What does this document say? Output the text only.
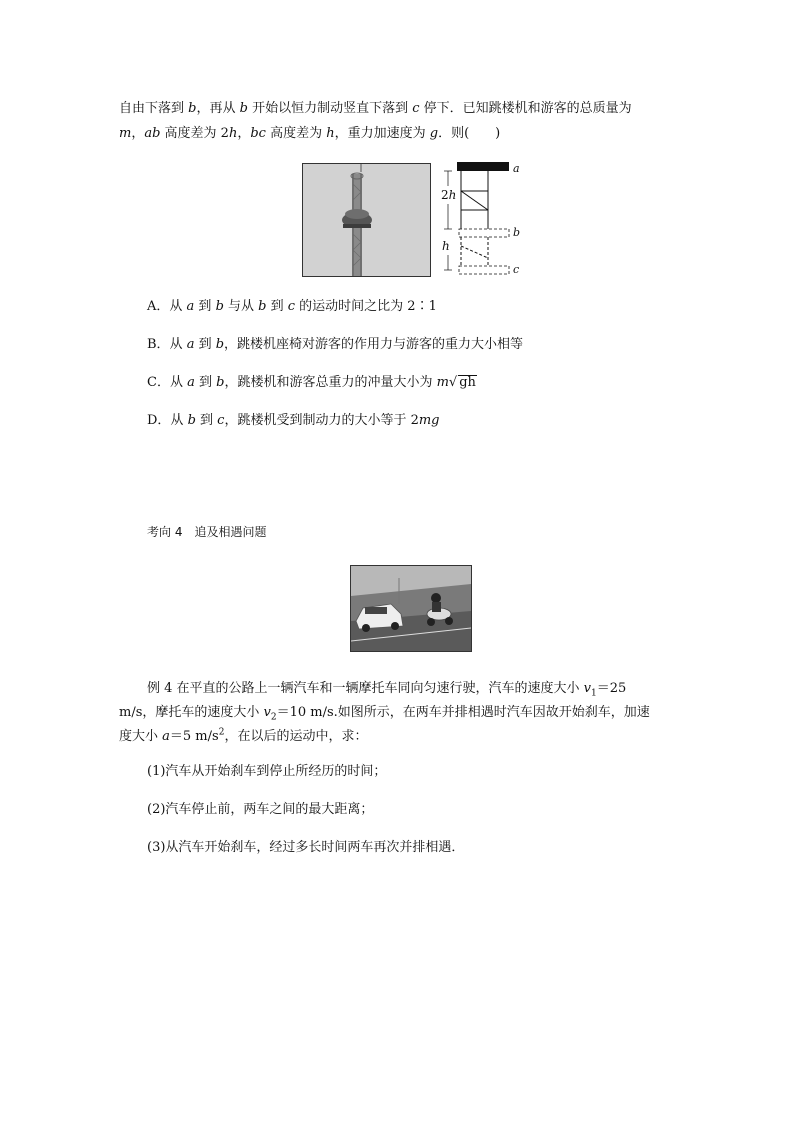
自由下落到 b，再从 b 开始以恒力制动竖直下落到 c 停下．已知跳楼机和游客的总质量为
m，ab 高度差为 2h，bc 高度差为 h，重力加速度为 g．则(　　)
2h
h
a
b
c
A．从 a 到 b 与从 b 到 c 的运动时间之比为 2∶1
B．从 a 到 b，跳楼机座椅对游客的作用力与游客的重力大小相等
C．从 a 到 b，跳楼机和游客总重力的冲量大小为 m√ gh
D．从 b 到 c，跳楼机受到制动力的大小等于 2mg
考向 4　追及相遇问题
例 4 在平直的公路上一辆汽车和一辆摩托车同向匀速行驶，汽车的速度大小 $v_1=25$
m/s，摩托车的速度大小 $v_2=10$ m/s.如图所示，在两车并排相遇时汽车因故开始刹车，加速
度大小 a＝5 $m/s^2$，在以后的运动中，求：
(1)汽车从开始刹车到停止所经历的时间；
(2)汽车停止前，两车之间的最大距离；
(3)从汽车开始刹车，经过多长时间两车再次并排相遇．
